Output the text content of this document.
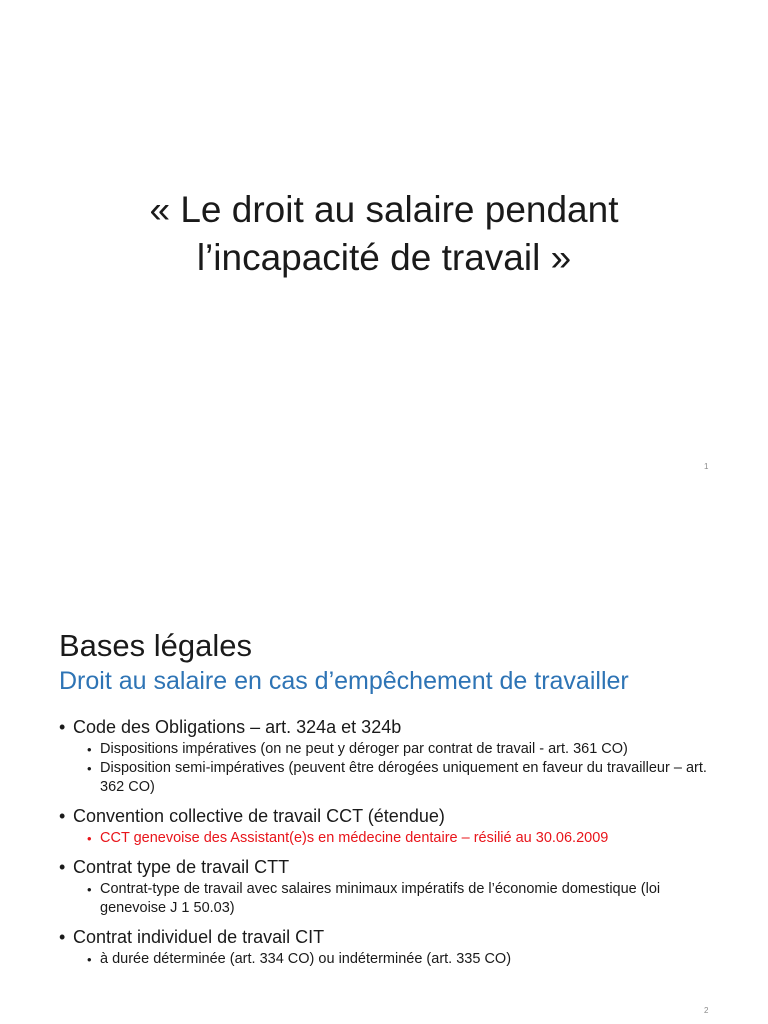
« Le droit au salaire pendant
l’incapacité de travail »
1
Bases légales
Droit au salaire en cas d’empêchement de travailler
• Code des Obligations – art. 324a et 324b
• Dispositions impératives (on ne peut y déroger par contrat de travail - art. 361 CO)
• Disposition semi-impératives (peuvent être dérogées uniquement en faveur du travailleur – art. 362 CO)
• Convention collective de travail CCT (étendue)
• CCT genevoise des Assistant(e)s en médecine dentaire – résilié au 30.06.2009
• Contrat type de travail CTT
• Contrat-type de travail avec salaires minimaux impératifs de l’économie domestique (loi genevoise J 1 50.03)
• Contrat individuel de travail CIT
• à durée déterminée (art. 334 CO) ou indéterminée (art. 335 CO)
2
